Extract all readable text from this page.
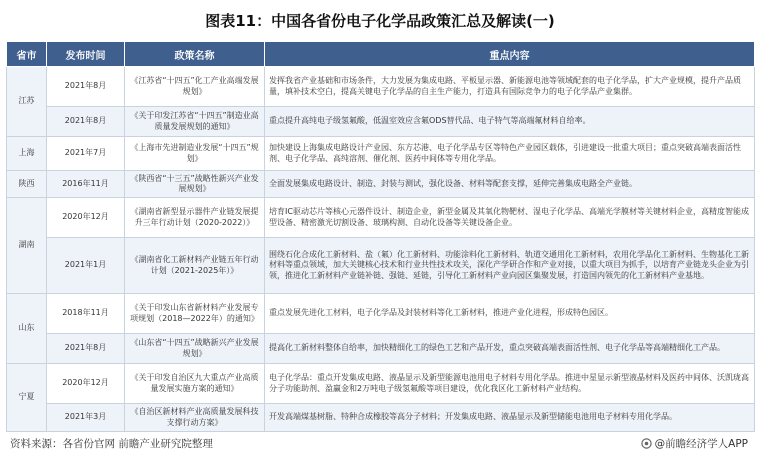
图表11：中国各省份电子化学品政策汇总及解读(一)
省市	发布时间	政策名称	重点内容
江苏	2021年8月	《江苏省“十四五”化工产业高端发展规划》	发挥我省产业基础和市场条件，大力发展为集成电路、平板显示器、新能源电池等领域配套的电子化学品，扩大产业规模，提升产品质量，填补技术空白，提高关键电子化学品的自主生产能力，打造具有国际竞争力的电子化学品产业集群。
	2021年8月	《关于印发江苏省“十四五”制造业高质量发展规划的通知》	重点提升高纯电子级氢氟酸，低温室效应含氟ODS替代品、电子特气等高端氟材料自给率。
上海	2021年7月	《上海市先进制造业发展“十四五”规划》	加快建设上海集成电路设计产业园、东方芯港、电子化学品专区等特色产业园区载体，引进建设一批重大项目；重点突破高端表面活性剂、电子化学品、高纯溶剂、催化剂、医药中间体等专用化学品。
陕西	2016年11月	《陕西省“十三五”战略性新兴产业发展规划》	全面发展集成电路设计、制造、封装与测试，强化设备、材料等配套支撑，延伸完善集成电路全产业链。
湖南	2020年12月	《湖南省新型显示器件产业链发展提升三年行动计划（2020-2022）》	培育IC驱动芯片等核心元器件设计、制造企业，新型金属及其氧化物靶材、湿电子化学品、高端光学膜材等关键材料企业，高精度智能成型设备、精密激光切割设备、玻璃构测、自动化设备等关键设备企业。
	2021年1月	《湖南省化工新材料产业链五年行动计划（2021-2025年）》	围绕石化合成化工新材料、盐（氟）化工新材料、功能涂料化工新材料、轨道交通用化工新材料，农用化学品化工新材料、生物基化工新材料等重点领域，加大关键核心技术和行业共性技术攻关，深化产学研合作和产业对接，以重大项目为抓手，以培育产业链龙头企业为引领，推进化工新材料产业链补链、强链、延链，引导化工新材料产业向园区集聚发展，打造国内领先的化工新材料产业基地。
山东	2018年11月	《关于印发山东省新材料产业发展专项规划（2018—2022年）的通知》	重点发展先进化工材料，电子化学品及封装材料等化工新材料，推进产业化进程，形成特色园区。
	2021年8月	《山东省“十四五”战略新兴产业发展规划》	提高化工新材料整体自给率，加快精细化工的绿色工艺和产品开发，重点突破高端表面活性剂、电子化学品等高端精细化工产品。
宁夏	2020年12月	《关于印发自治区九大重点产业高质量发展实施方案的通知》	电子化学品：重点开发集成电路、液晶显示及新型能源电池用电子材料专用化学品。推进中星显示新型液晶材料及医药中间体、沃凯珑高分子功能助剂、盈赢金和2万吨电子级氢氟酸等项目建设，优化我区化工新材料产业结构。
	2021年3月	《自治区新材料产业高质量发展科技支撑行动方案》	开发高端煤基树脂、特种合成橡胶等高分子材料；开发集成电路、液晶显示及新型储能电池用电子材料专用化学品。
资料来源：各省份官网 前瞻产业研究院整理	@前瞻经济学人APP
